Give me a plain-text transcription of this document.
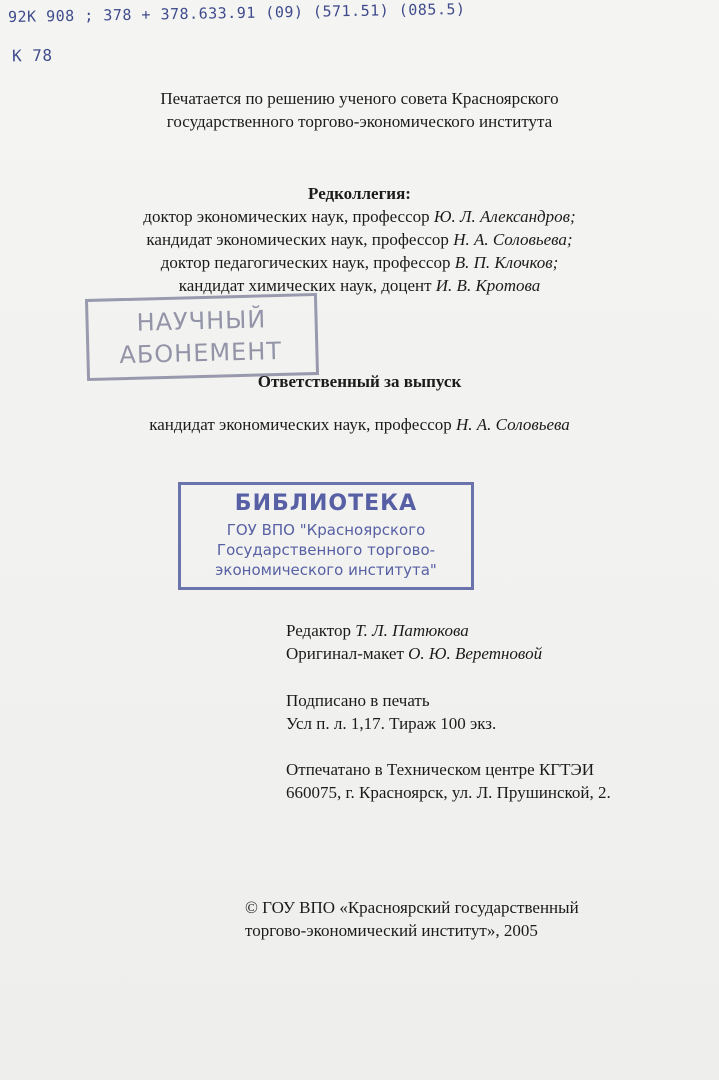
92К 908 ; 378 + 378.633.91 (09) (571.51) (085.5)
К 78
Печатается по решению ученого совета Красноярского
государственного торгово-экономического института
Редколлегия:
доктор экономических наук, профессор Ю. Л. Александров;
кандидат экономических наук, профессор Н. А. Соловьева;
доктор педагогических наук, профессор В. П. Клочков;
кандидат химических наук, доцент И. В. Кротова
НАУЧНЫЙ
АБОНЕМЕНТ
Ответственный за выпуск
кандидат экономических наук, профессор Н. А. Соловьева
БИБЛИОТЕКА
ГОУ ВПО "Красноярского
Государственного торгово-
экономического института"
Редактор Т. Л. Патюкова
Оригинал-макет О. Ю. Веретновой
Подписано в печать
Усл п. л. 1,17. Тираж 100 экз.
Отпечатано в Техническом центре КГТЭИ
660075, г. Красноярск, ул. Л. Прушинской, 2.
© ГОУ ВПО «Красноярский государственный
торгово-экономический институт», 2005
